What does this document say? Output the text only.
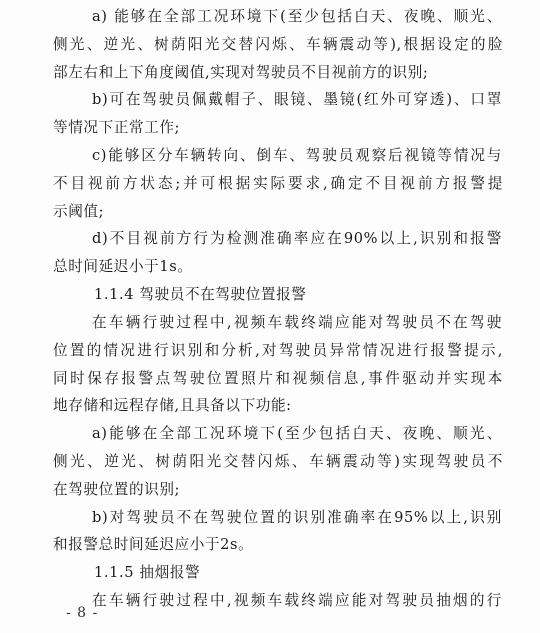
a) 能够在全部工况环境下(至少包括白天、夜晚、顺光、
侧光、逆光、树荫阳光交替闪烁、车辆震动等),根据设定的脸
部左右和上下角度阈值,实现对驾驶员不目视前方的识别;
b)可在驾驶员佩戴帽子、眼镜、墨镜(红外可穿透)、口罩
等情况下正常工作;
c)能够区分车辆转向、倒车、驾驶员观察后视镜等情况与
不目视前方状态;并可根据实际要求,确定不目视前方报警提
示阈值;
d)不目视前方行为检测准确率应在90%以上,识别和报警
总时间延迟小于1s。
1.1.4 驾驶员不在驾驶位置报警
在车辆行驶过程中,视频车载终端应能对驾驶员不在驾驶
位置的情况进行识别和分析,对驾驶员异常情况进行报警提示,
同时保存报警点驾驶位置照片和视频信息,事件驱动并实现本
地存储和远程存储,且具备以下功能:
a)能够在全部工况环境下(至少包括白天、夜晚、顺光、
侧光、逆光、树荫阳光交替闪烁、车辆震动等)实现驾驶员不
在驾驶位置的识别;
b)对驾驶员不在驾驶位置的识别准确率在95%以上,识别
和报警总时间延迟应小于2s。
1.1.5 抽烟报警
在车辆行驶过程中,视频车载终端应能对驾驶员抽烟的行
- 8 -
